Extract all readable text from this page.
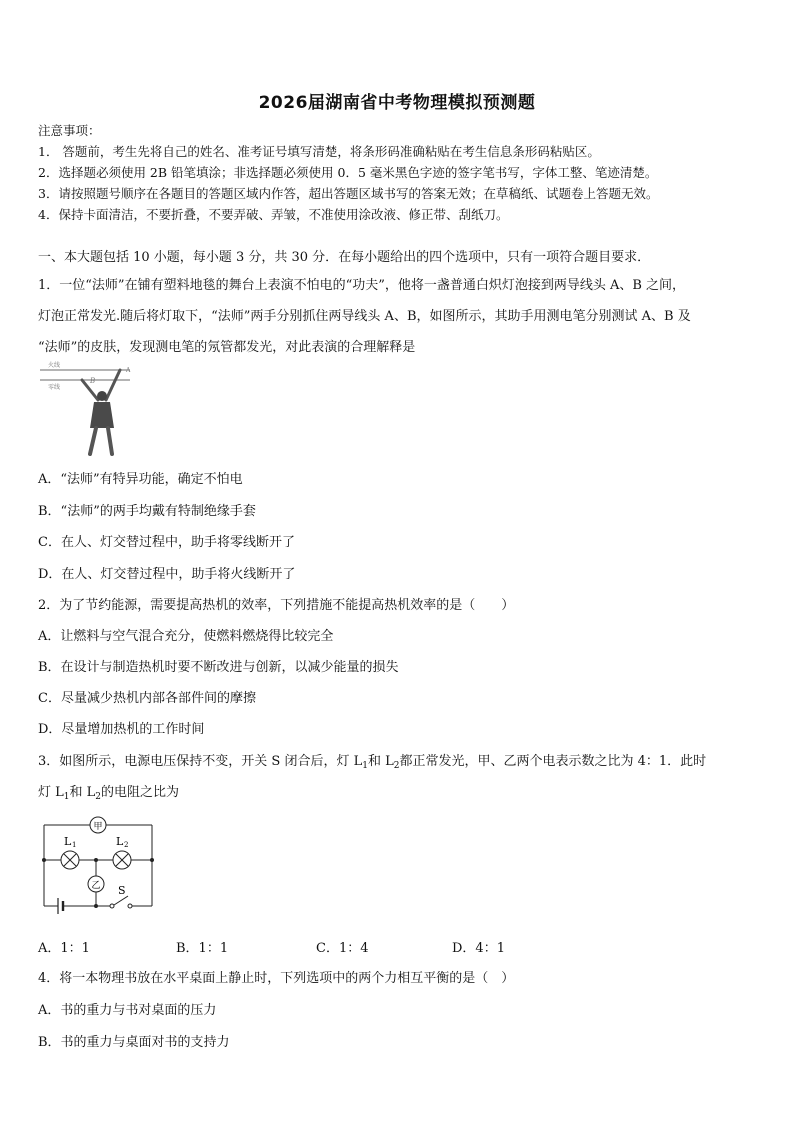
2026届湖南省中考物理模拟预测题
注意事项：
1． 答题前，考生先将自己的姓名、准考证号填写清楚，将条形码准确粘贴在考生信息条形码粘贴区。
2．选择题必须使用 2B 铅笔填涂；非选择题必须使用 0．5 毫米黑色字迹的签字笔书写，字体工整、笔迹清楚。
3．请按照题号顺序在各题目的答题区域内作答，超出答题区域书写的答案无效；在草稿纸、试题卷上答题无效。
4．保持卡面清洁，不要折叠，不要弄破、弄皱，不准使用涂改液、修正带、刮纸刀。
一、本大题包括 10 小题，每小题 3 分，共 30 分．在每小题给出的四个选项中，只有一项符合题目要求．
1．一位“法师”在铺有塑料地毯的舞台上表演不怕电的“功夫”，他将一盏普通白炽灯泡接到两导线头 A、B 之间，
灯泡正常发光.随后将灯取下，“法师”两手分别抓住两导线头 A、B，如图所示，其助手用测电笔分别测试 A、B 及
“法师”的皮肤，发现测电笔的氖管都发光，对此表演的合理解释是
火线
零线
B
A
A．“法师”有特异功能，确定不怕电
B．“法师”的两手均戴有特制绝缘手套
C．在人、灯交替过程中，助手将零线断开了
D．在人、灯交替过程中，助手将火线断开了
2．为了节约能源，需要提高热机的效率，下列措施不能提高热机效率的是（　　）
A．让燃料与空气混合充分，使燃料燃烧得比较完全
B．在设计与制造热机时要不断改进与创新，以减少能量的损失
C．尽量减少热机内部各部件间的摩擦
D．尽量增加热机的工作时间
3．如图所示，电源电压保持不变，开关 S 闭合后，灯 $L_1$和 $L_2$都正常发光，甲、乙两个电表示数之比为 4：1．此时
灯 $L_1$和 $L_2$的电阻之比为
甲
L 1	L 2
乙 S
A．1：1	B．1：1	C．1：4	D．4：1
4．将一本物理书放在水平桌面上静止时，下列选项中的两个力相互平衡的是（　）
A．书的重力与书对桌面的压力
B．书的重力与桌面对书的支持力
